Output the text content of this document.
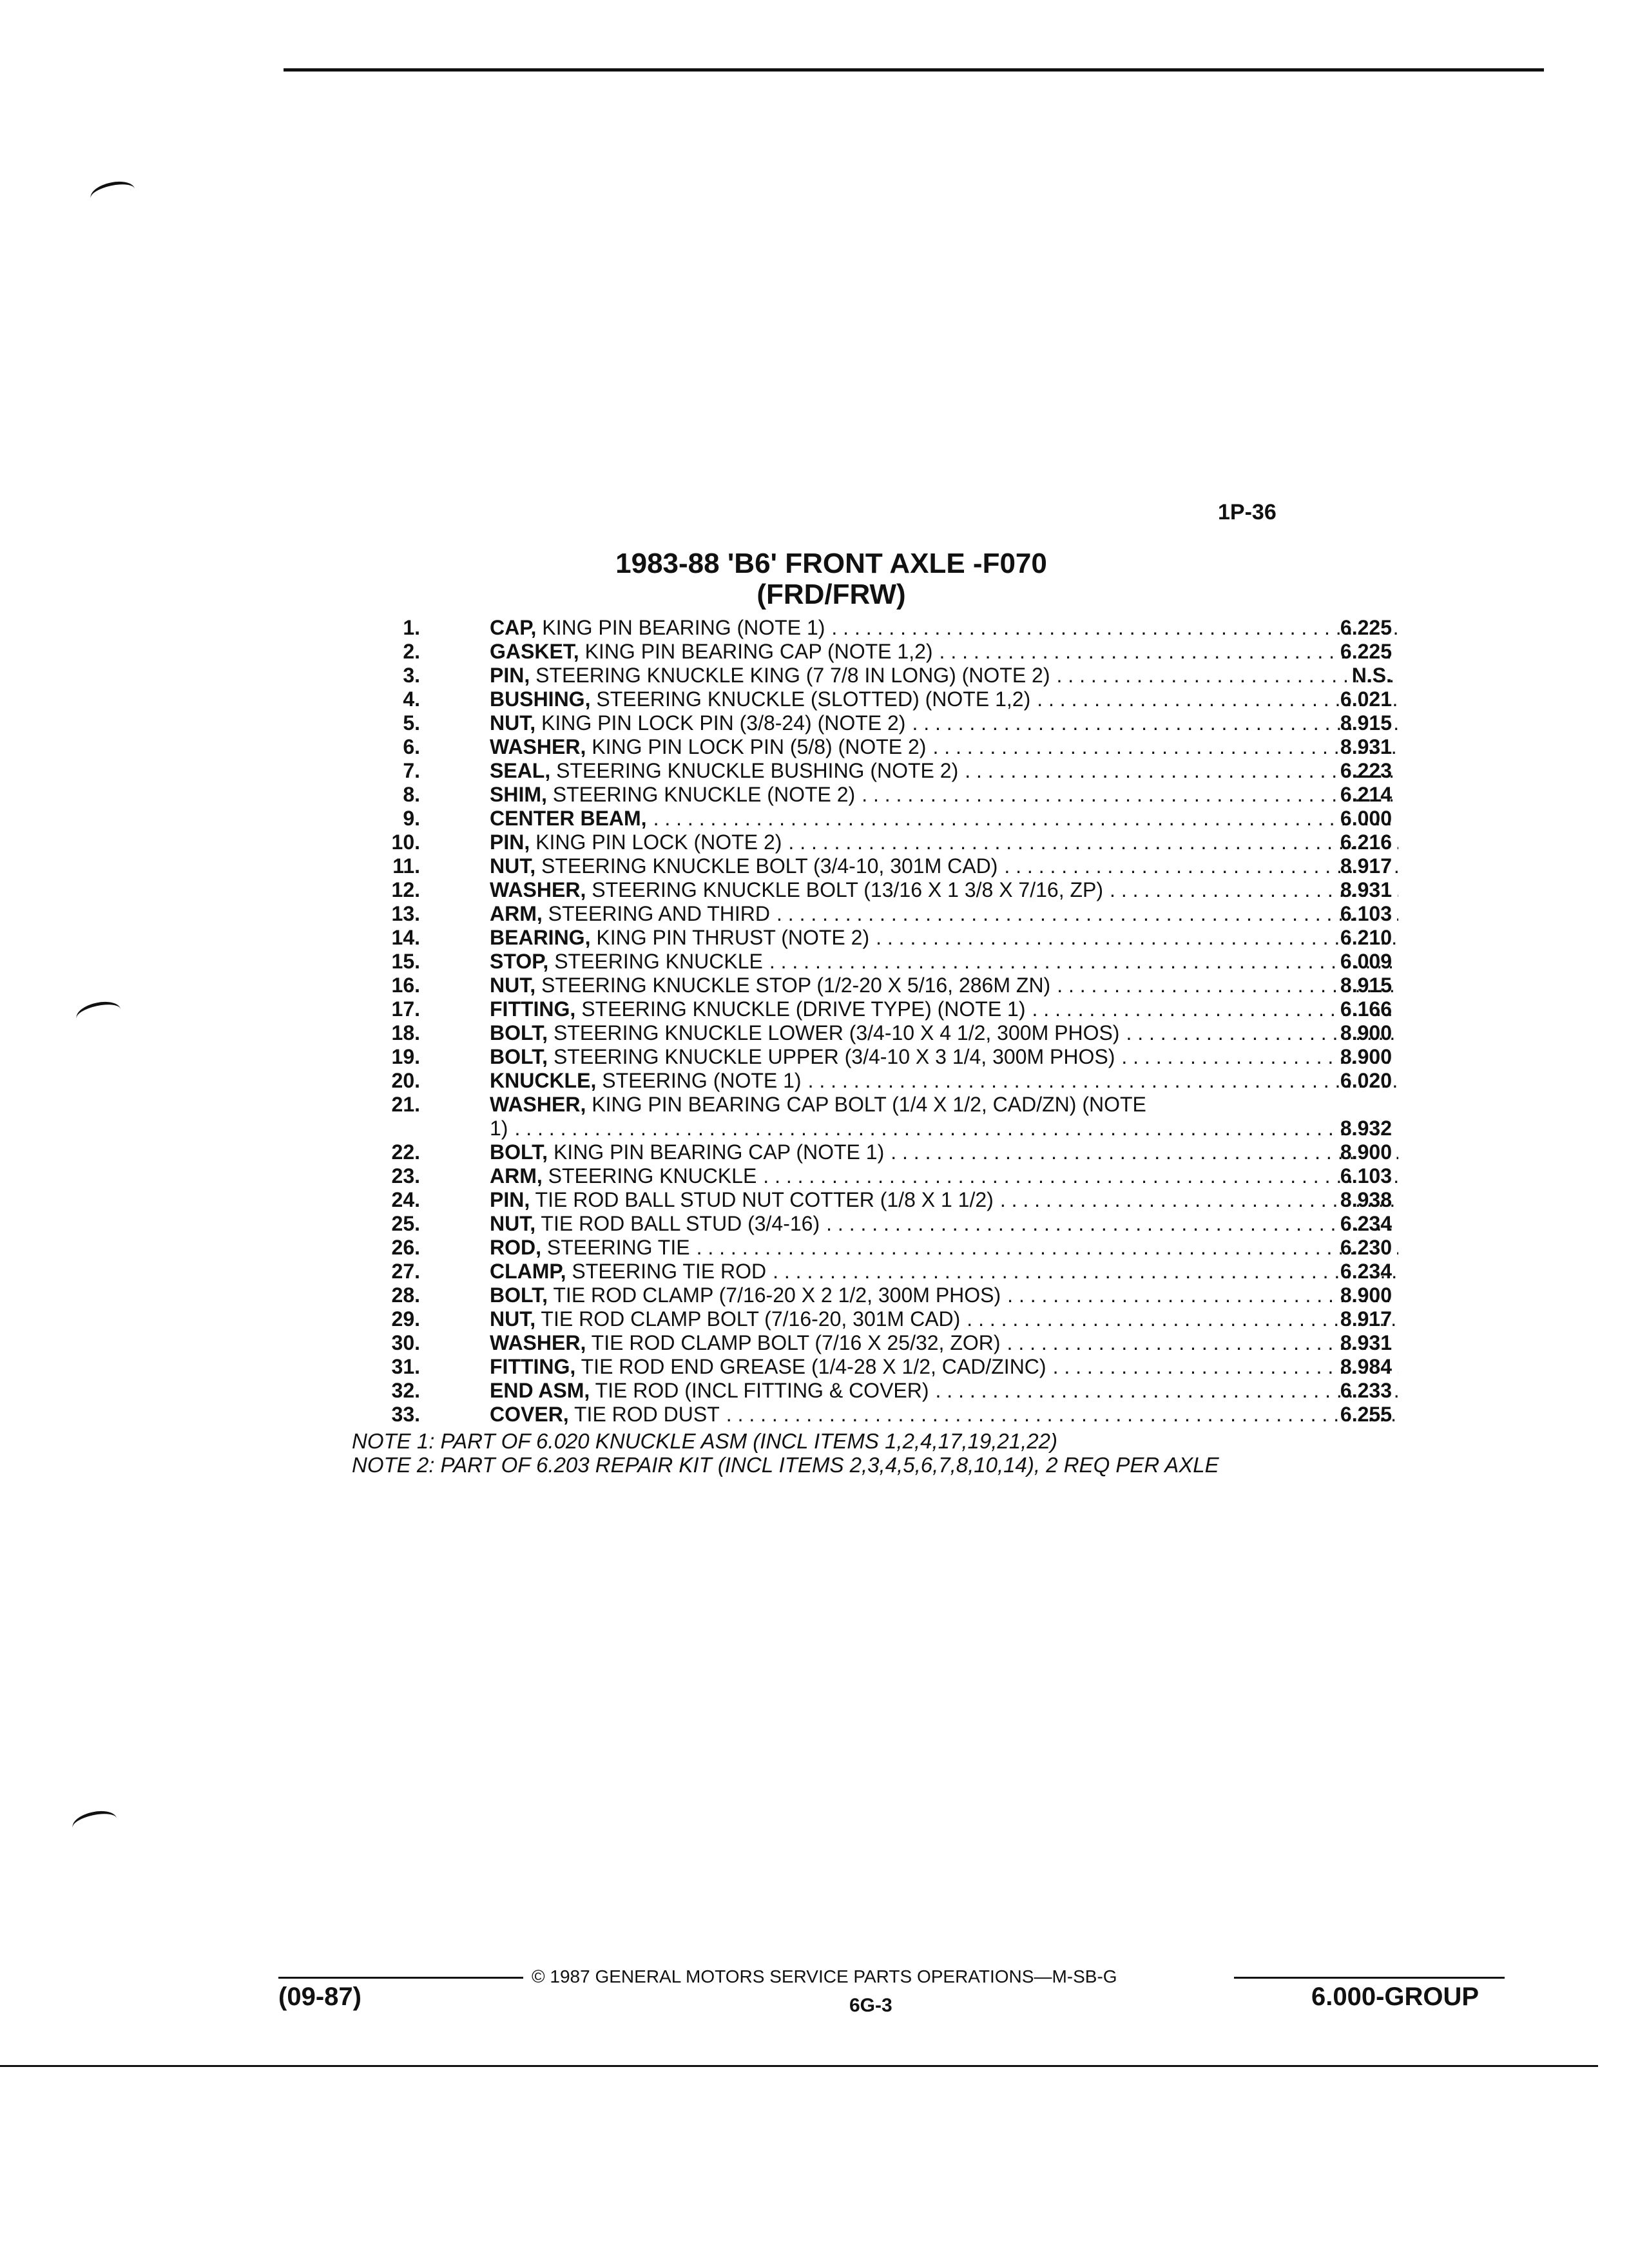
1P-36
1983-88 'B6' FRONT AXLE -F070
(FRD/FRW)
1.	CAP, KING PIN BEARING (NOTE 1) . . .	6.225
2.	GASKET, KING PIN BEARING CAP (NOTE 1,2) . . .	6.225
3.	PIN, STEERING KNUCKLE KING (7 7/8 IN LONG) (NOTE 2) . . .	N.S.
4.	BUSHING, STEERING KNUCKLE (SLOTTED) (NOTE 1,2) . . .	6.021
5.	NUT, KING PIN LOCK PIN (3/8-24) (NOTE 2) . . .	8.915
6.	WASHER, KING PIN LOCK PIN (5/8) (NOTE 2) . . .	8.931
7.	SEAL, STEERING KNUCKLE BUSHING (NOTE 2) . . .	6.223
8.	SHIM, STEERING KNUCKLE (NOTE 2) . . .	6.214
9.	CENTER BEAM, . . .	6.000
10.	PIN, KING PIN LOCK (NOTE 2) . . .	6.216
11.	NUT, STEERING KNUCKLE BOLT (3/4-10, 301M CAD) . . .	8.917
12.	WASHER, STEERING KNUCKLE BOLT (13/16 X 1 3/8 X 7/16, ZP) . . .	8.931
13.	ARM, STEERING AND THIRD . . .	6.103
14.	BEARING, KING PIN THRUST (NOTE 2) . . .	6.210
15.	STOP, STEERING KNUCKLE . . .	6.009
16.	NUT, STEERING KNUCKLE STOP (1/2-20 X 5/16, 286M ZN) . . .	8.915
17.	FITTING, STEERING KNUCKLE (DRIVE TYPE) (NOTE 1) . . .	6.166
18.	BOLT, STEERING KNUCKLE LOWER (3/4-10 X 4 1/2, 300M PHOS) . . .	8.900
19.	BOLT, STEERING KNUCKLE UPPER (3/4-10 X 3 1/4, 300M PHOS) . . .	8.900
20.	KNUCKLE, STEERING (NOTE 1) . . .	6.020
21.	WASHER, KING PIN BEARING CAP BOLT (1/4 X 1/2, CAD/ZN) (NOTE
1) . . .	8.932
22.	BOLT, KING PIN BEARING CAP (NOTE 1) . . .	8.900
23.	ARM, STEERING KNUCKLE . . .	6.103
24.	PIN, TIE ROD BALL STUD NUT COTTER (1/8 X 1 1/2) . . .	8.938
25.	NUT, TIE ROD BALL STUD (3/4-16) . . .	6.234
26.	ROD, STEERING TIE . . .	6.230
27.	CLAMP, STEERING TIE ROD . . .	6.234
28.	BOLT, TIE ROD CLAMP (7/16-20 X 2 1/2, 300M PHOS) . . .	8.900
29.	NUT, TIE ROD CLAMP BOLT (7/16-20, 301M CAD) . . .	8.917
30.	WASHER, TIE ROD CLAMP BOLT (7/16 X 25/32, ZOR) . . .	8.931
31.	FITTING, TIE ROD END GREASE (1/4-28 X 1/2, CAD/ZINC) . . .	8.984
32.	END ASM, TIE ROD (INCL FITTING & COVER) . . .	6.233
33.	COVER, TIE ROD DUST . . .	6.255
NOTE 1: PART OF 6.020 KNUCKLE ASM (INCL ITEMS 1,2,4,17,19,21,22)
NOTE 2: PART OF 6.203 REPAIR KIT (INCL ITEMS 2,3,4,5,6,7,8,10,14), 2 REQ PER AXLE
© 1987 GENERAL MOTORS SERVICE PARTS OPERATIONS—M-SB-G
(09-87)	6G-3	6.000-GROUP
